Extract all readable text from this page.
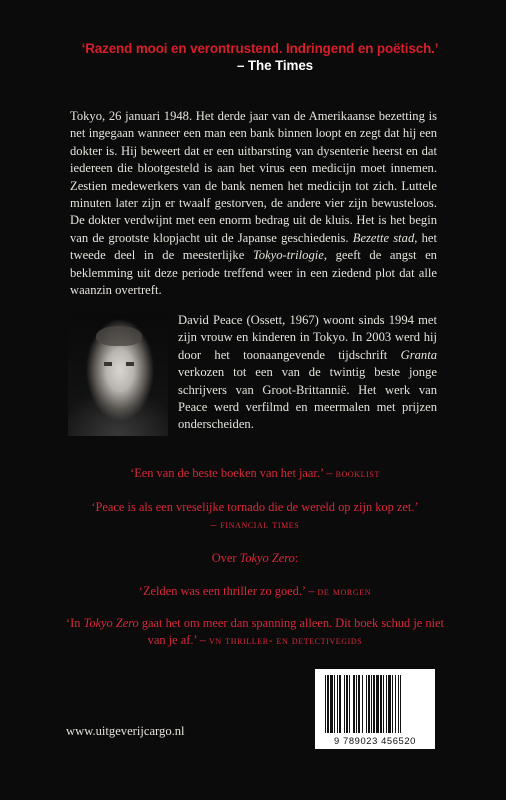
‘Razend mooi en verontrustend. Indringend en poëtisch.’
– The Times

Tokyo, 26 januari 1948. Het derde jaar van de Amerikaanse bezetting is net ingegaan wanneer een man een bank binnen loopt en zegt dat hij een dokter is. Hij beweert dat er een uitbarsting van dysenterie heerst en dat iedereen die blootgesteld is aan het virus een medicijn moet innemen. Zestien medewerkers van de bank nemen het medicijn tot zich. Luttele minuten later zijn er twaalf gestorven, de andere vier zijn bewusteloos. De dokter verdwijnt met een enorm bedrag uit de kluis. Het is het begin van de grootste klopjacht uit de Japanse geschiedenis. Bezette stad, het tweede deel in de meesterlijke Tokyo-trilogie, geeft de angst en beklemming uit deze periode treffend weer in een ziedend plot dat alle waanzin overtreft.

David Peace (Ossett, 1967) woont sinds 1994 met zijn vrouw en kinderen in Tokyo. In 2003 werd hij door het toonaangevende tijdschrift Granta verkozen tot een van de twintig beste jonge schrijvers van Groot-Brittannië. Het werk van Peace werd verfilmd en meermalen met prijzen onderscheiden.

‘Een van de beste boeken van het jaar.’ – booklist
‘Peace is als een vreselijke tornado die de wereld op zijn kop zet.’
– financial times
Over Tokyo Zero:
‘Zelden was een thriller zo goed.’ – de morgen
‘In Tokyo Zero gaat het om meer dan spanning alleen. Dit boek schud je niet van je af.’ – vn thriller- en detectivegids
9 789023 456520
www.uitgeverijcargo.nl
